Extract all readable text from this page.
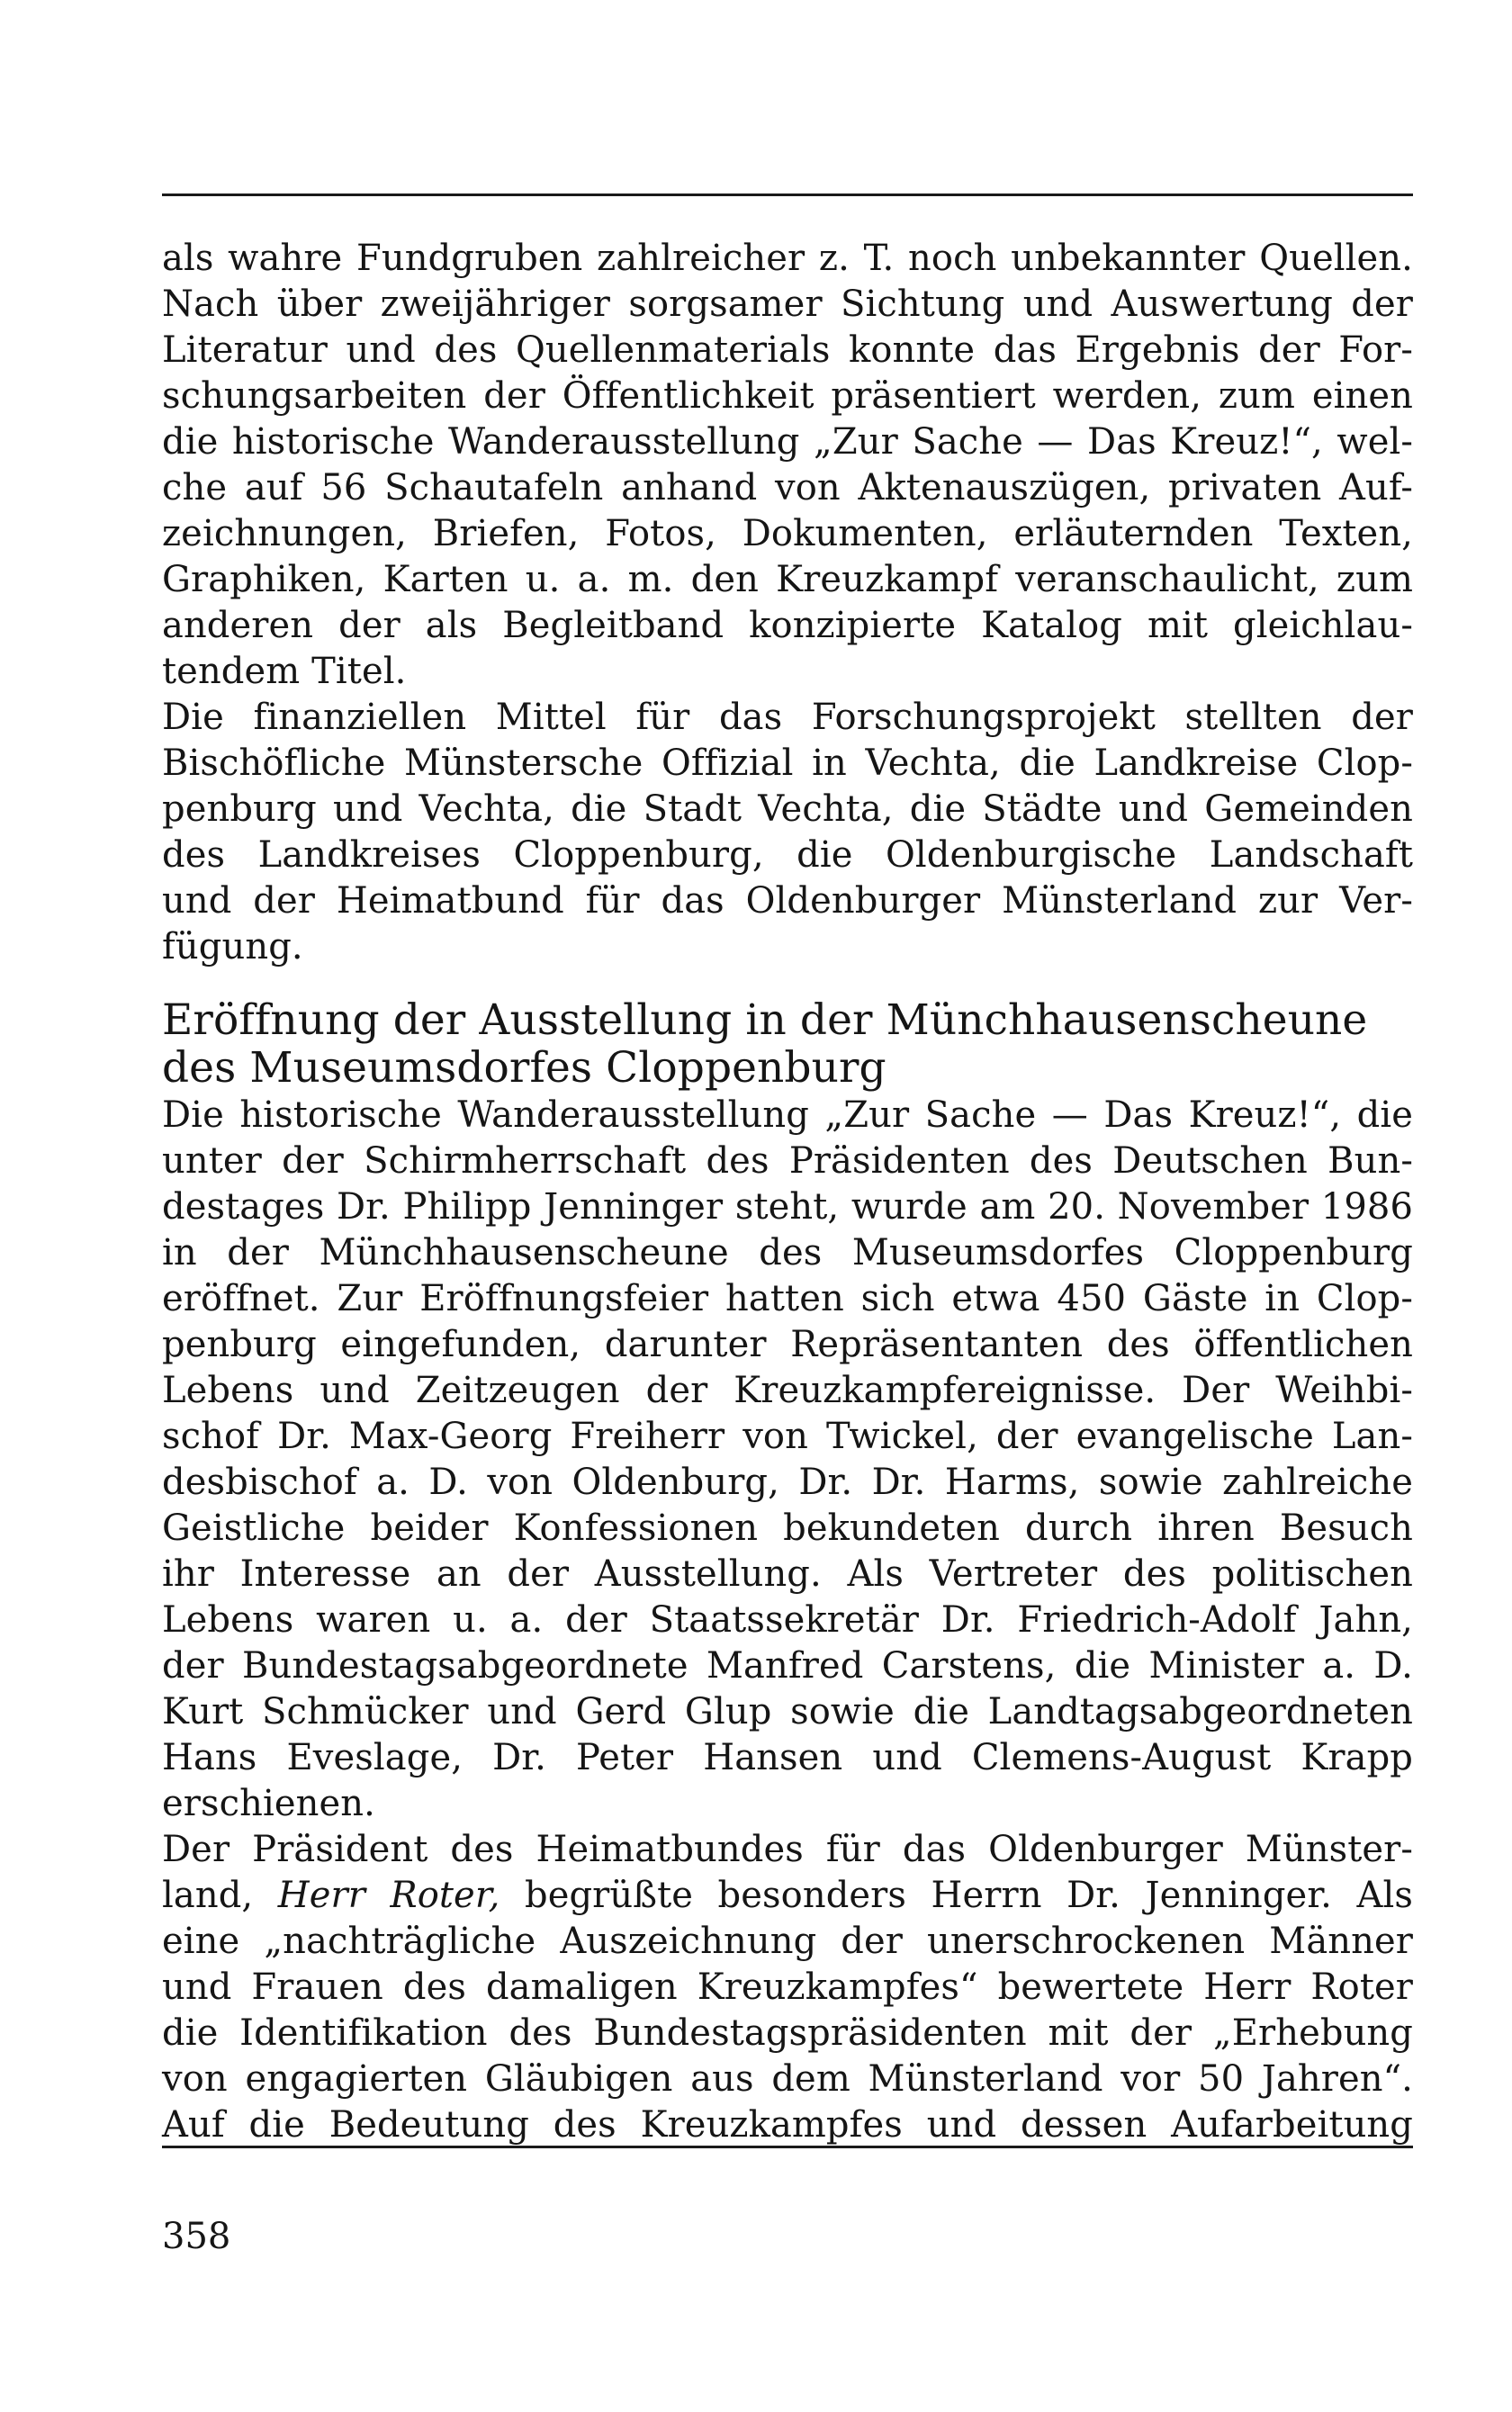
als wahre Fundgruben zahlreicher z. T. noch unbekannter Quellen.
Nach über zweijähriger sorgsamer Sichtung und Auswertung der
Literatur und des Quellenmaterials konnte das Ergebnis der For-
schungsarbeiten der Öffentlichkeit präsentiert werden, zum einen
die historische Wanderausstellung „Zur Sache — Das Kreuz!“, wel-
che auf 56 Schautafeln anhand von Aktenauszügen, privaten Auf-
zeichnungen, Briefen, Fotos, Dokumenten, erläuternden Texten,
Graphiken, Karten u. a. m. den Kreuzkampf veranschaulicht, zum
anderen der als Begleitband konzipierte Katalog mit gleichlau-
tendem Titel.
Die finanziellen Mittel für das Forschungsprojekt stellten der
Bischöfliche Münstersche Offizial in Vechta, die Landkreise Clop-
penburg und Vechta, die Stadt Vechta, die Städte und Gemeinden
des Landkreises Cloppenburg, die Oldenburgische Landschaft
und der Heimatbund für das Oldenburger Münsterland zur Ver-
fügung.
Eröffnung der Ausstellung in der Münchhausenscheune
des Museumsdorfes Cloppenburg
Die historische Wanderausstellung „Zur Sache — Das Kreuz!“, die
unter der Schirmherrschaft des Präsidenten des Deutschen Bun-
destages Dr. Philipp Jenninger steht, wurde am 20. November 1986
in der Münchhausenscheune des Museumsdorfes Cloppenburg
eröffnet. Zur Eröffnungsfeier hatten sich etwa 450 Gäste in Clop-
penburg eingefunden, darunter Repräsentanten des öffentlichen
Lebens und Zeitzeugen der Kreuzkampfereignisse. Der Weihbi-
schof Dr. Max-Georg Freiherr von Twickel, der evangelische Lan-
desbischof a. D. von Oldenburg, Dr. Dr. Harms, sowie zahlreiche
Geistliche beider Konfessionen bekundeten durch ihren Besuch
ihr Interesse an der Ausstellung. Als Vertreter des politischen
Lebens waren u. a. der Staatssekretär Dr. Friedrich-Adolf Jahn,
der Bundestagsabgeordnete Manfred Carstens, die Minister a. D.
Kurt Schmücker und Gerd Glup sowie die Landtagsabgeordneten
Hans Eveslage, Dr. Peter Hansen und Clemens-August Krapp
erschienen.
Der Präsident des Heimatbundes für das Oldenburger Münster-
land, Herr Roter, begrüßte besonders Herrn Dr. Jenninger. Als
eine „nachträgliche Auszeichnung der unerschrockenen Männer
und Frauen des damaligen Kreuzkampfes“ bewertete Herr Roter
die Identifikation des Bundestagspräsidenten mit der „Erhebung
von engagierten Gläubigen aus dem Münsterland vor 50 Jahren“.
Auf die Bedeutung des Kreuzkampfes und dessen Aufarbeitung
358
